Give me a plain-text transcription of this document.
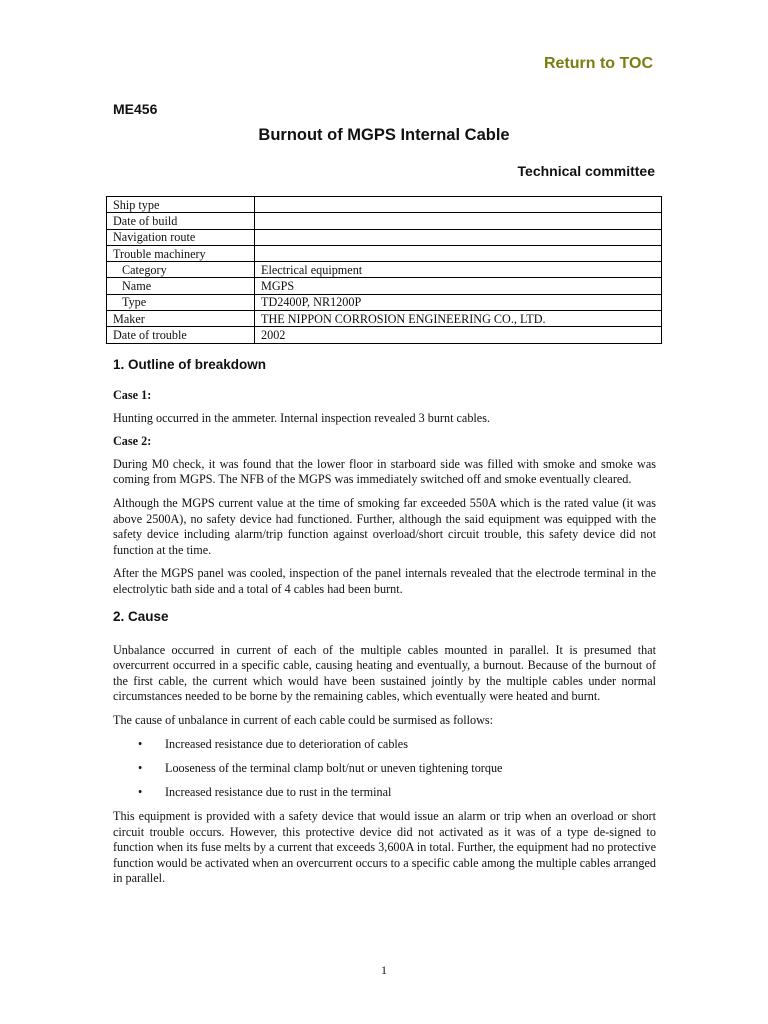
Return to TOC
ME456
Burnout of MGPS Internal Cable
Technical committee
Ship type	
Date of build	
Navigation route	
Trouble machinery	
Category	Electrical equipment
Name	MGPS
Type	TD2400P, NR1200P
Maker	THE NIPPON CORROSION ENGINEERING CO., LTD.
Date of trouble	2002
1. Outline of breakdown
Case 1:

Hunting occurred in the ammeter. Internal inspection revealed 3 burnt cables.

Case 2:

During M0 check, it was found that the lower floor in starboard side was filled with smoke and smoke was coming from MGPS. The NFB of the MGPS was immediately switched off and smoke eventually cleared.

Although the MGPS current value at the time of smoking far exceeded 550A which is the rated value (it was above 2500A), no safety device had functioned. Further, although the said equipment was equipped with the safety device including alarm/trip function against overload/short circuit trouble, this safety device did not function at the time.

After the MGPS panel was cooled, inspection of the panel internals revealed that the electrode terminal in the electrolytic bath side and a total of 4 cables had been burnt.

2. Cause

Unbalance occurred in current of each of the multiple cables mounted in parallel. It is presumed that overcurrent occurred in a specific cable, causing heating and eventually, a burnout. Because of the burnout of the first cable, the current which would have been sustained jointly by the multiple cables under normal circumstances needed to be borne by the remaining cables, which eventually were heated and burnt.

The cause of unbalance in current of each cable could be surmised as follows:

• Increased resistance due to deterioration of cables
• Looseness of the terminal clamp bolt/nut or uneven tightening torque
• Increased resistance due to rust in the terminal

This equipment is provided with a safety device that would issue an alarm or trip when an overload or short circuit trouble occurs. However, this protective device did not activated as it was of a type de-signed to function when its fuse melts by a current that exceeds 3,600A in total. Further, the equipment had no protective function would be activated when an overcurrent occurs to a specific cable among the multiple cables arranged in parallel.

1
